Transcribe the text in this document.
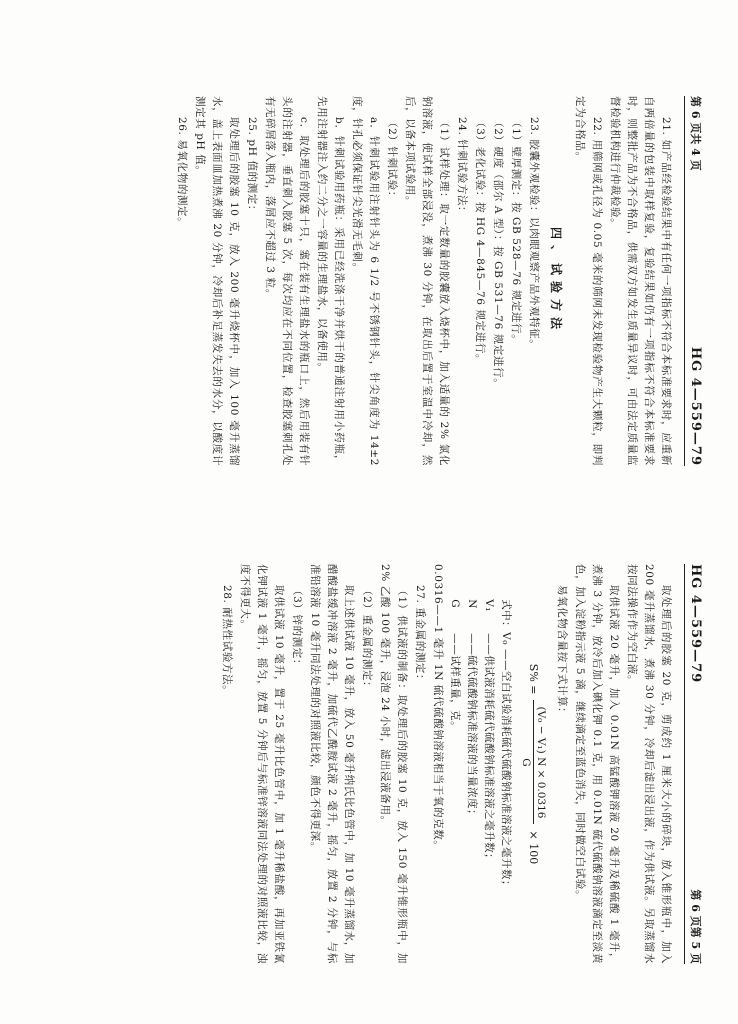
第 6 页共 4 页
HG 4—559—79

21. 如产品经检验结果中有任何一项指标不符合本标准要求时，应重新自两倍量的包装中取样复验，复验结果如仍有一项指标不符合本标准要求时，则整批产品为不合格品，供需双方如发生质量异议时，可由法定质量监督检验机构进行仲裁检验。

22. 用筛网或孔径为 0.05 毫米的筛网未发现检验物产生大颗粒，即判定为合格品。

四、试验方法

23. 胶囊外观检验：以肉眼观察产品外观特征。

（1）壁厚测定：按 GB 528—76 规定进行。

（2）硬度（邵尔 A 型）：按 GB 531—76 规定进行。

（3）老化试验：按 HG 4—845—76 规定进行。

24. 针刺试验方法：

（1）试样处理：取一定数量的胶囊放入烧杯中，加入适量的 2% 氯化钠溶液，使试样全部浸没，煮沸 30 分钟，在取出后置于室温中冷却，然后，以备本项试验用。

（2）针刺试验：

a．针刺试验用注射针头为 6 1/2 号不锈钢针头，针尖角度为 14±2 度，针孔必须保证针尖光滑无毛刺。

b．针刺试验用药瓶：采用已经洗涤干净并烘干的普通注射用小药瓶，先用注射器注入约二分之一容量的生理盐水，以备使用。

c．取处理后的胶塞十只，塞在装有生理盐水的瓶口上，然后用装有针头的注射器，垂直刺入胶塞 5 次，每次均应在不同位置，检查胶塞刺孔处有无碎屑落入瓶内，落屑应不超过 3 粒。

25. pH 值的测定：

取处理后的胶塞 10 克，放入 200 毫升烧杯中，加入 100 毫升蒸馏水，盖上表面皿加热煮沸 20 分钟，冷却后补足蒸发失去的水分，以酸度计测定其 pH 值。

26. 易氧化物的测定。

HG 4—559—79
第 6 页第 5 页

取处理后的胶塞 20 克，剪成约 1 厘米大小的碎块，放入锥形瓶中，加入 200 毫升蒸馏水，煮沸 30 分钟，冷却后滤出浸出液，作为供试液。另取蒸馏水按同法操作作为空白液。

取供试液 20 毫升，加入 0.01N 高锰酸钾溶液 20 毫升及稀硫酸 1 毫升，煮沸 3 分钟，放冷后加入碘化钾 0.1 克，用 0.01N 硫代硫酸钠溶液滴定至淡黄色，加入淀粉指示液 5 滴，继续滴定至蓝色消失，同时做空白试验。

易氧化物含量按下式计算：

S% =
(V₀ − V₁) N × 0.0316
G
× 100
式中：V₀
——空白试验消耗硫代硫酸钠标准溶液之毫升数；
V₁
——供试液消耗硫代硫酸钠标准溶液之毫升数；
N
——硫代硫酸钠标准溶液的当量浓度；
G
——试样重量，克。

0.0316——1 毫升 1N 硫代硫酸钠溶液相当于氧的克数。

27. 重金属的测定：

（1）供试液的制备：取处理后的胶塞 10 克，放入 150 毫升锥形瓶中，加 2% 乙酸 100 毫升，浸泡 24 小时，滤出浸液备用。

（2）重金属的测定：

取上述供试液 10 毫升，放入 50 毫升纳氏比色管中，加 10 毫升蒸馏水，加醋酸盐缓冲溶液 2 毫升，加硫代乙酰胺试液 2 毫升，摇匀，放置 2 分钟，与标准铅溶液 10 毫升同法处理的对照液比较，颜色不得更深。

（3）锌的测定：

取供试液 10 毫升，置于 25 毫升比色管中，加 1 毫升稀盐酸，再加亚铁氰化钾试液 1 毫升，摇匀，放置 5 分钟后与标准锌溶液同法处理的对照液比较，浊度不得更大。

28. 耐热性试验方法。
